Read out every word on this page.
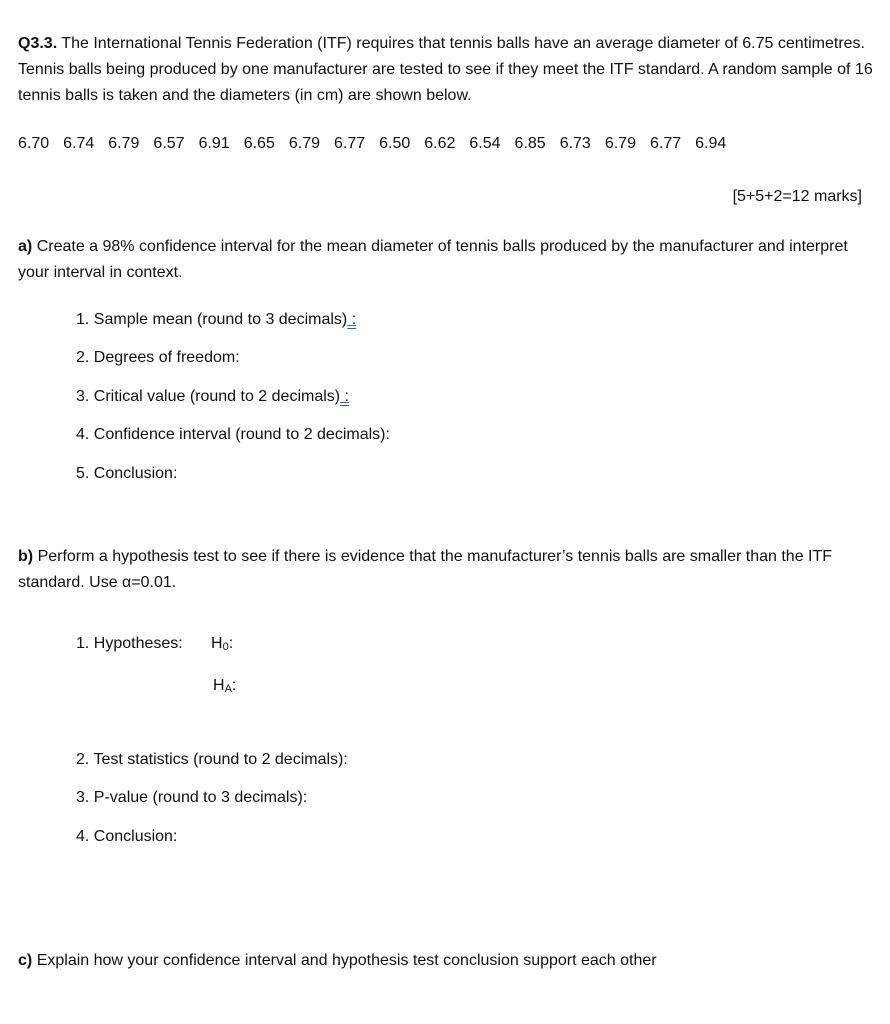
Q3.3. The International Tennis Federation (ITF) requires that tennis balls have an average diameter of 6.75 centimetres. Tennis balls being produced by one manufacturer are tested to see if they meet the ITF standard. A random sample of 16 tennis balls is taken and the diameters (in cm) are shown below.
6.70 6.74 6.79 6.57 6.91 6.65 6.79 6.77 6.50 6.62 6.54 6.85 6.73 6.79 6.77 6.94
[5+5+2=12 marks]
a) Create a 98% confidence interval for the mean diameter of tennis balls produced by the manufacturer and interpret your interval in context.
1. Sample mean (round to 3 decimals) :
2. Degrees of freedom:
3. Critical value (round to 2 decimals) :
4. Confidence interval (round to 2 decimals):
5. Conclusion:
b) Perform a hypothesis test to see if there is evidence that the manufacturer’s tennis balls are smaller than the ITF standard. Use α=0.01.
1. Hypotheses: $H_0$:
$H_A$:
2. Test statistics (round to 2 decimals):
3. P-value (round to 3 decimals):
4. Conclusion:
c) Explain how your confidence interval and hypothesis test conclusion support each other
